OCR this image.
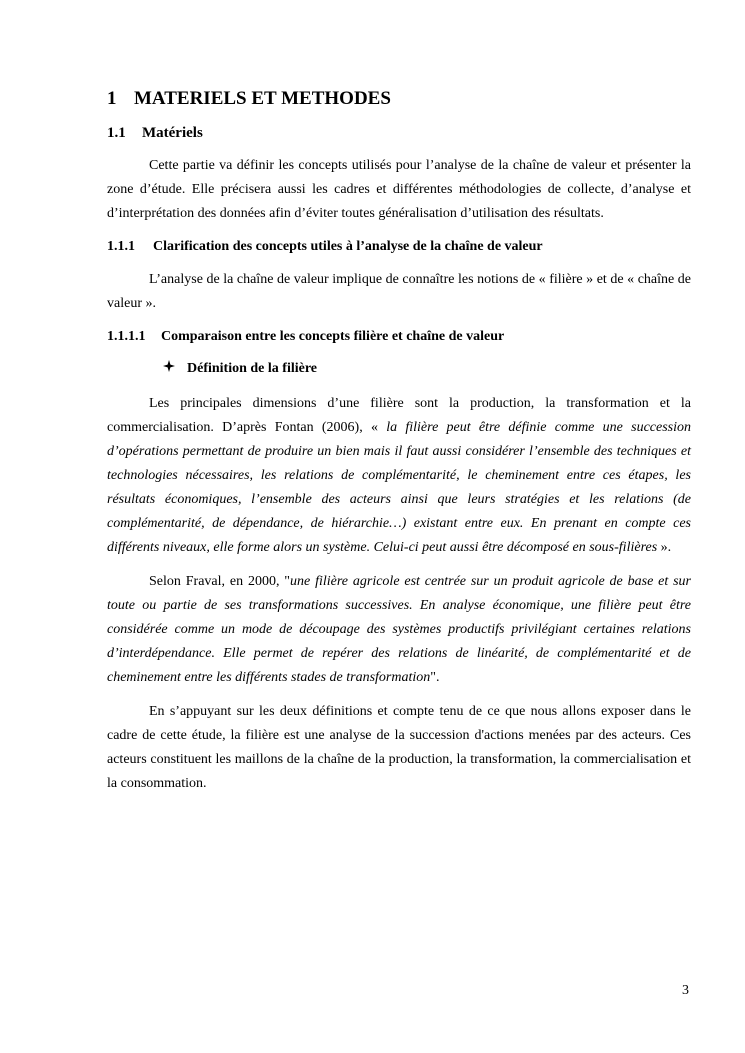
1 MATERIELS ET METHODES
1.1 Matériels

Cette partie va définir les concepts utilisés pour l’analyse de la chaîne de valeur et présenter la zone d’étude. Elle précisera aussi les cadres et différentes méthodologies de collecte, d’analyse et d’interprétation des données afin d’éviter toutes généralisation d’utilisation des résultats.

1.1.1 Clarification des concepts utiles à l’analyse de la chaîne de valeur

L’analyse de la chaîne de valeur implique de connaître les notions de « filière » et de « chaîne de valeur ».

1.1.1.1 Comparaison entre les concepts filière et chaîne de valeur
Définition de la filière

Les principales dimensions d’une filière sont la production, la transformation et la commercialisation. D’après Fontan (2006), « la filière peut être définie comme une succession d’opérations permettant de produire un bien mais il faut aussi considérer l’ensemble des techniques et technologies nécessaires, les relations de complémentarité, le cheminement entre ces étapes, les résultats économiques, l’ensemble des acteurs ainsi que leurs stratégies et les relations (de complémentarité, de dépendance, de hiérarchie…) existant entre eux. En prenant en compte ces différents niveaux, elle forme alors un système. Celui-ci peut aussi être décomposé en sous-filières ».

Selon Fraval, en 2000, "une filière agricole est centrée sur un produit agricole de base et sur toute ou partie de ses transformations successives. En analyse économique, une filière peut être considérée comme un mode de découpage des systèmes productifs privilégiant certaines relations d’interdépendance. Elle permet de repérer des relations de linéarité, de complémentarité et de cheminement entre les différents stades de transformation".

En s’appuyant sur les deux définitions et compte tenu de ce que nous allons exposer dans le cadre de cette étude, la filière est une analyse de la succession d'actions menées par des acteurs. Ces acteurs constituent les maillons de la chaîne de la production, la transformation, la commercialisation et la consommation.

3
